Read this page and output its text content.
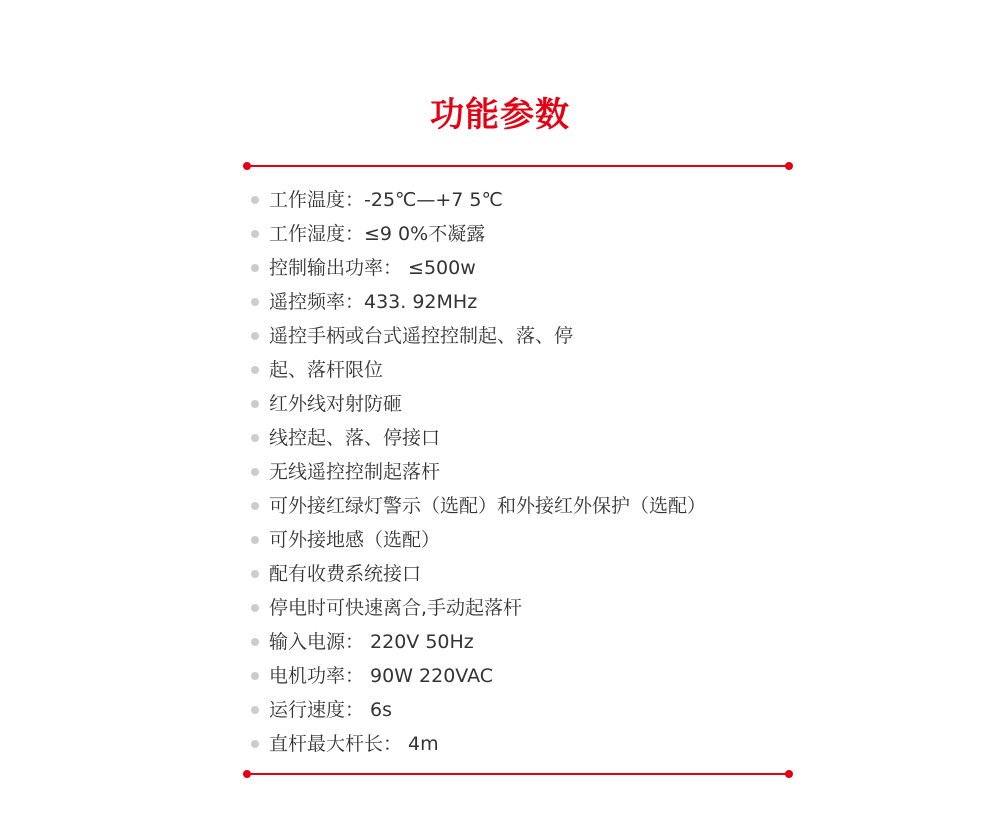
功能参数
工作温度：-25℃—+7 5℃
工作湿度：≤9 0%不凝露
控制输出功率： ≤500w
遥控频率：433. 92MHz
遥控手柄或台式遥控控制起、落、停
起、落杆限位
红外线对射防砸
线控起、落、停接口
无线遥控控制起落杆
可外接红绿灯警示（选配）和外接红外保护（选配）
可外接地感（选配）
配有收费系统接口
停电时可快速离合,手动起落杆
输入电源： 220V 50Hz
电机功率： 90W 220VAC
运行速度： 6s
直杆最大杆长： 4m
